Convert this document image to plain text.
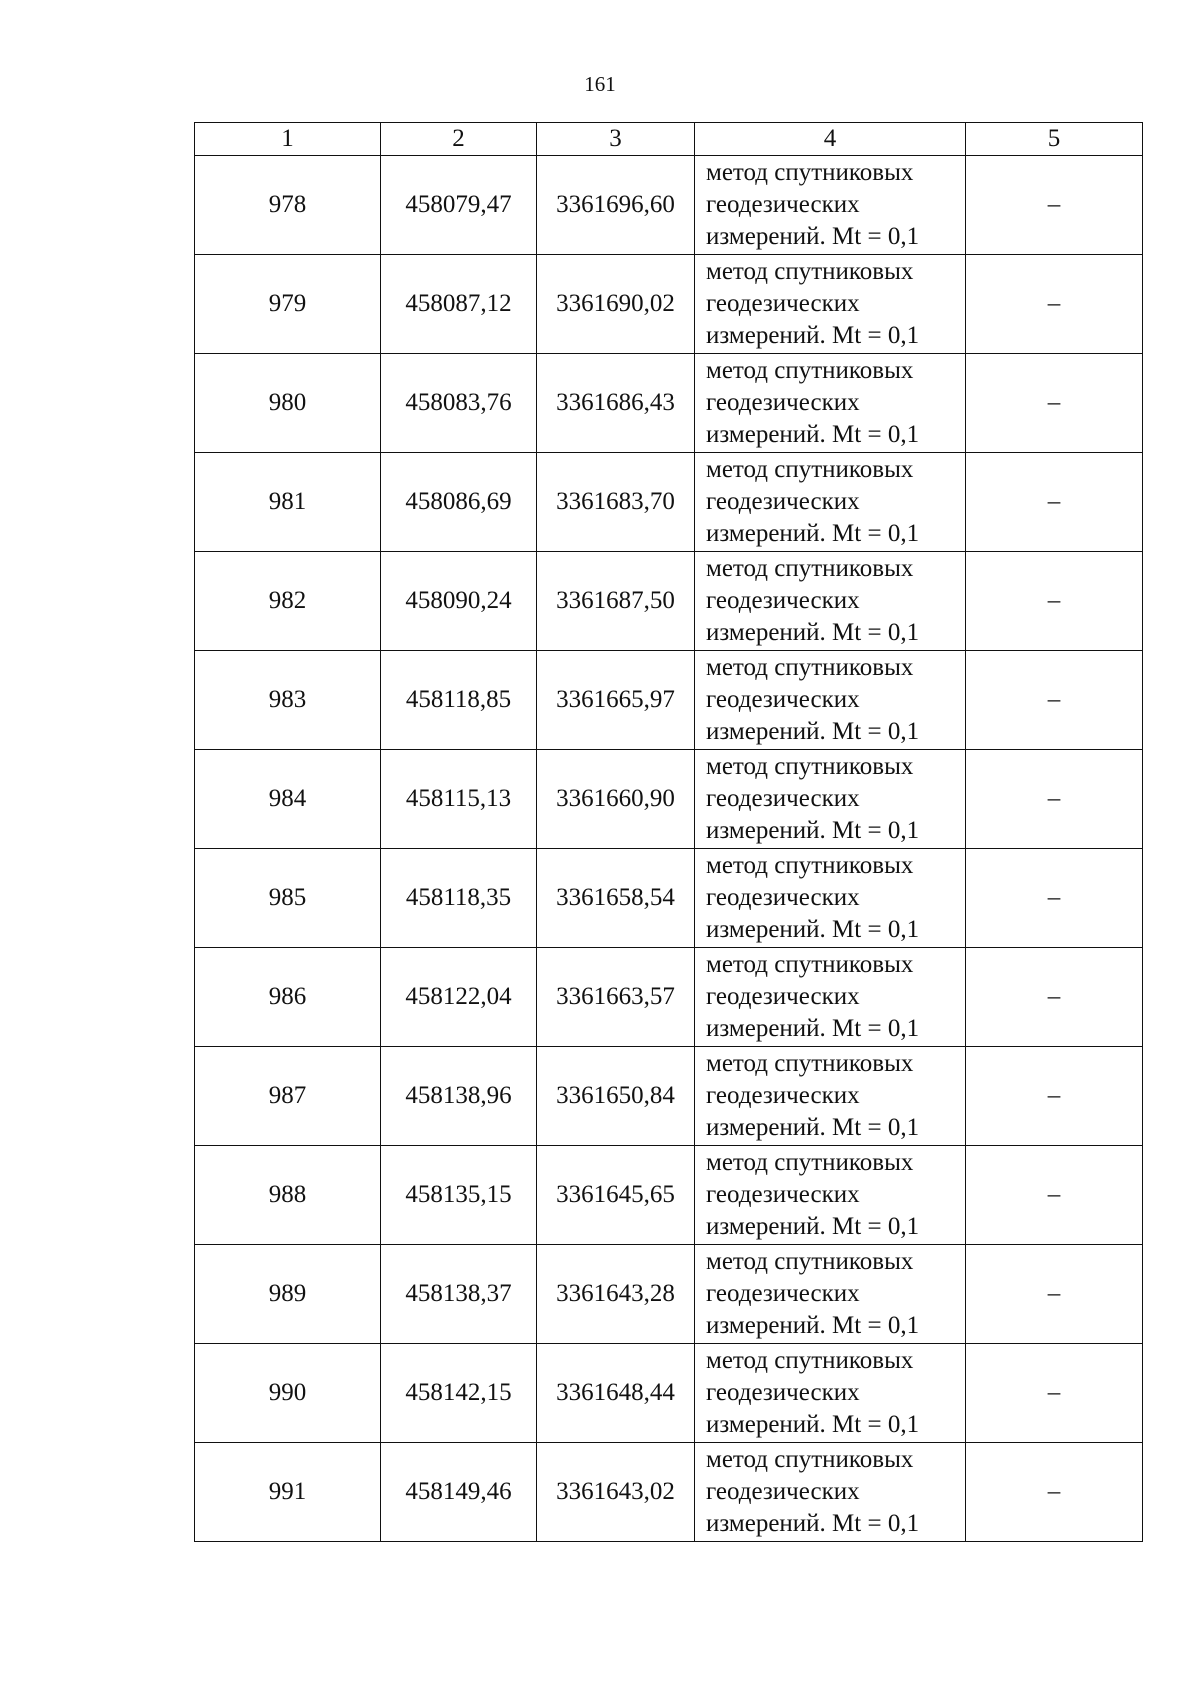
161
1	2	3	4	5
978	458079,47	3361696,60	метод спутниковых
геодезических
измерений. Mt = 0,1	–
979	458087,12	3361690,02	метод спутниковых
геодезических
измерений. Mt = 0,1	–
980	458083,76	3361686,43	метод спутниковых
геодезических
измерений. Mt = 0,1	–
981	458086,69	3361683,70	метод спутниковых
геодезических
измерений. Mt = 0,1	–
982	458090,24	3361687,50	метод спутниковых
геодезических
измерений. Mt = 0,1	–
983	458118,85	3361665,97	метод спутниковых
геодезических
измерений. Mt = 0,1	–
984	458115,13	3361660,90	метод спутниковых
геодезических
измерений. Mt = 0,1	–
985	458118,35	3361658,54	метод спутниковых
геодезических
измерений. Mt = 0,1	–
986	458122,04	3361663,57	метод спутниковых
геодезических
измерений. Mt = 0,1	–
987	458138,96	3361650,84	метод спутниковых
геодезических
измерений. Mt = 0,1	–
988	458135,15	3361645,65	метод спутниковых
геодезических
измерений. Mt = 0,1	–
989	458138,37	3361643,28	метод спутниковых
геодезических
измерений. Mt = 0,1	–
990	458142,15	3361648,44	метод спутниковых
геодезических
измерений. Mt = 0,1	–
991	458149,46	3361643,02	метод спутниковых
геодезических
измерений. Mt = 0,1	–
